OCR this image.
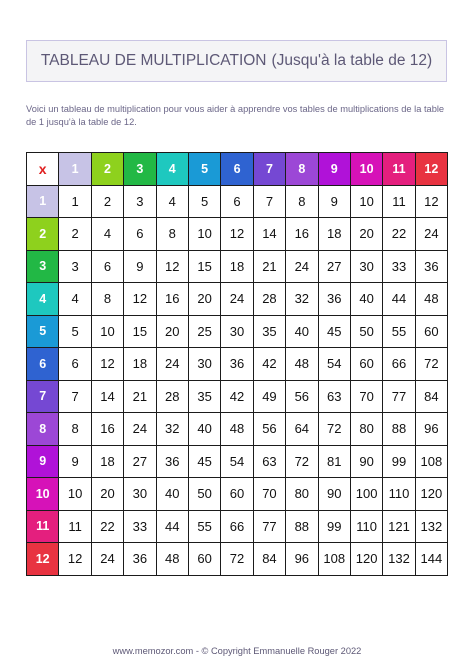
TABLEAU DE MULTIPLICATION (Jusqu'à la table de 12)
Voici un tableau de multiplication pour vous aider à apprendre vos tables de multiplications de la table de 1 jusqu'à la table de 12.
x	1	2	3	4	5	6	7	8	9	10	11	12
1	1	2	3	4	5	6	7	8	9	10	11	12
2	2	4	6	8	10	12	14	16	18	20	22	24
3	3	6	9	12	15	18	21	24	27	30	33	36
4	4	8	12	16	20	24	28	32	36	40	44	48
5	5	10	15	20	25	30	35	40	45	50	55	60
6	6	12	18	24	30	36	42	48	54	60	66	72
7	7	14	21	28	35	42	49	56	63	70	77	84
8	8	16	24	32	40	48	56	64	72	80	88	96
9	9	18	27	36	45	54	63	72	81	90	99	108
10	10	20	30	40	50	60	70	80	90	100	110	120
11	11	22	33	44	55	66	77	88	99	110	121	132
12	12	24	36	48	60	72	84	96	108	120	132	144
www.memozor.com - © Copyright Emmanuelle Rouger 2022
